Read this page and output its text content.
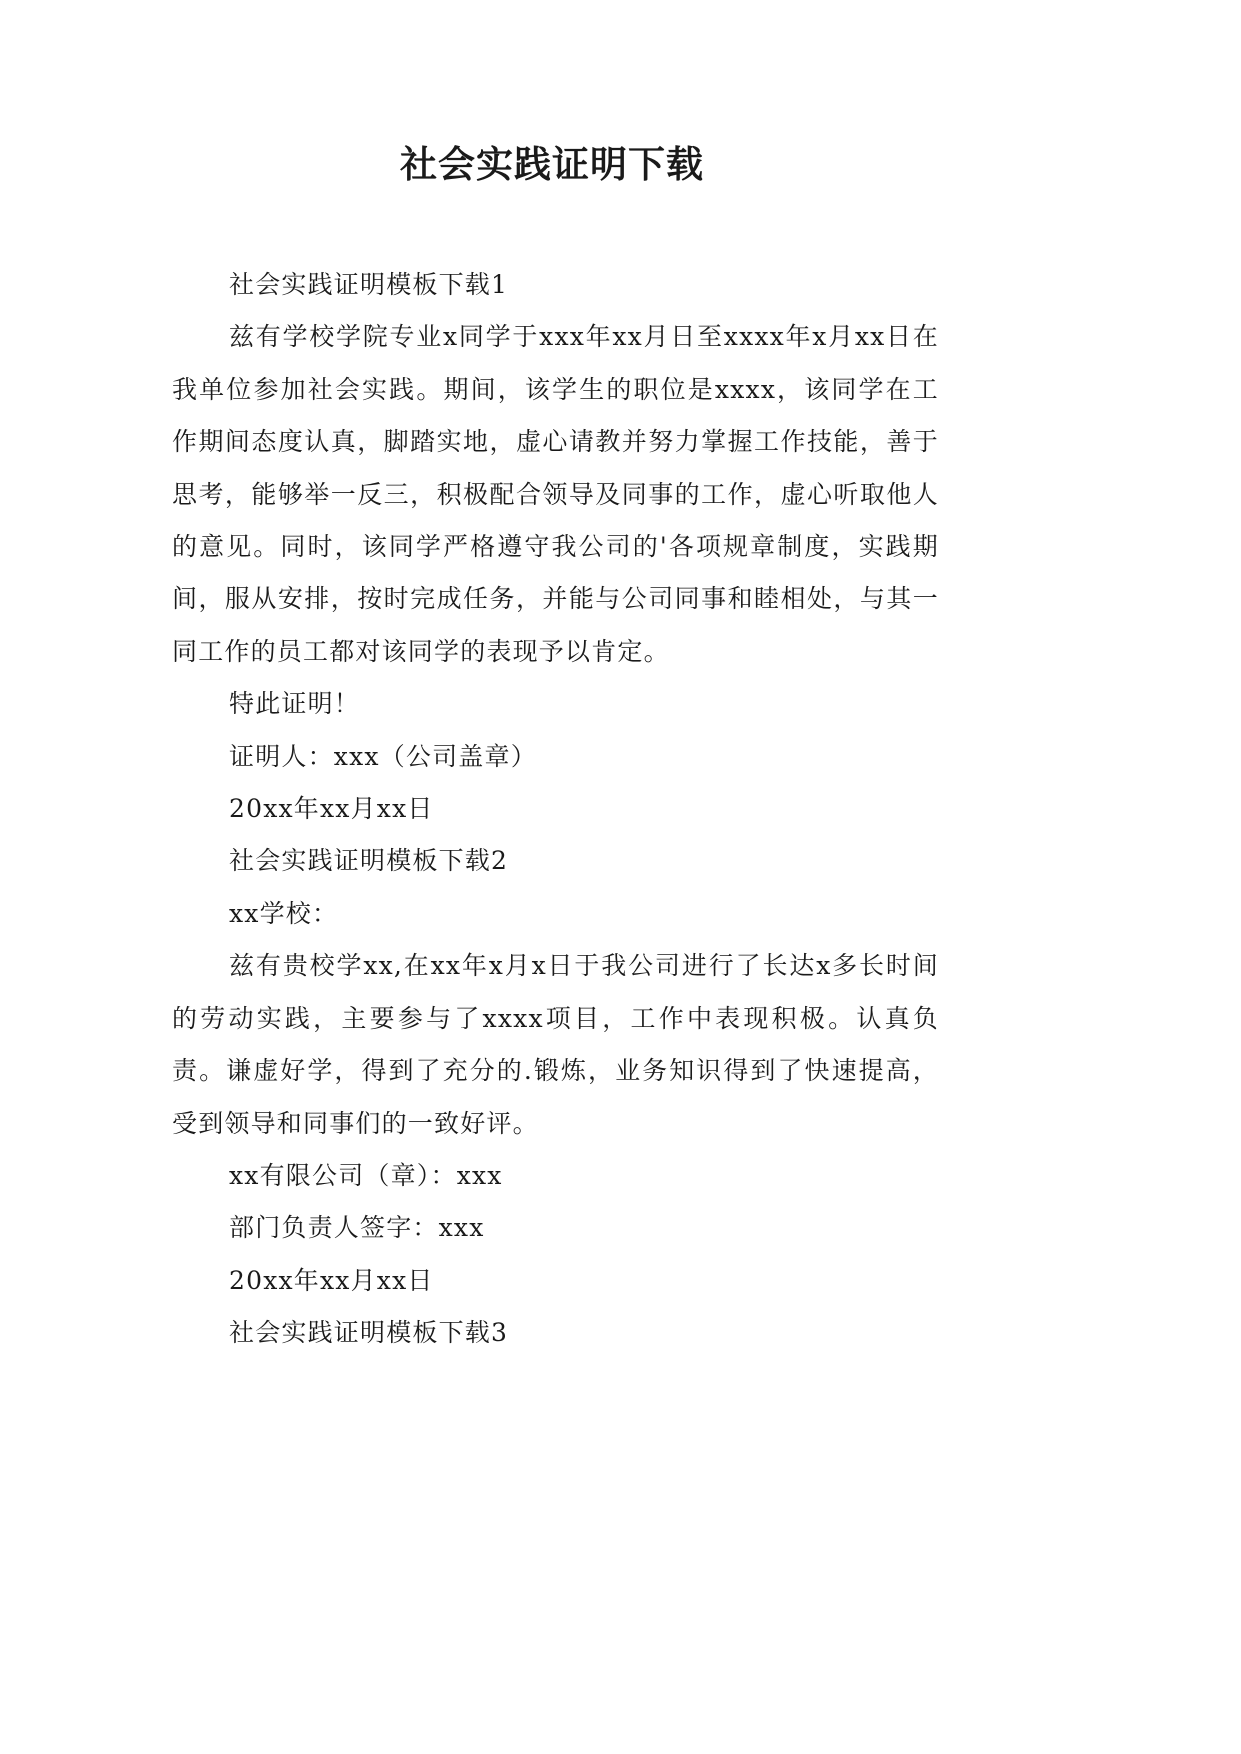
社会实践证明下载

社会实践证明模板下载1

兹有学校学院专业x同学于xxx年xx月日至xxxx年x月xx日在我单位参加社会实践。期间，该学生的职位是xxxx，该同学在工作期间态度认真，脚踏实地，虚心请教并努力掌握工作技能，善于思考，能够举一反三，积极配合领导及同事的工作，虚心听取他人的意见。同时，该同学严格遵守我公司的'各项规章制度，实践期间，服从安排，按时完成任务，并能与公司同事和睦相处，与其一同工作的员工都对该同学的表现予以肯定。

特此证明！

证明人：xxx（公司盖章）

20xx年xx月xx日

社会实践证明模板下载2

xx学校：

兹有贵校学xx,在xx年x月x日于我公司进行了长达x多长时间的劳动实践，主要参与了xxxx项目，工作中表现积极。认真负责。谦虚好学，得到了充分的.锻炼，业务知识得到了快速提高，受到领导和同事们的一致好评。

xx有限公司（章）：xxx

部门负责人签字：xxx

20xx年xx月xx日

社会实践证明模板下载3
